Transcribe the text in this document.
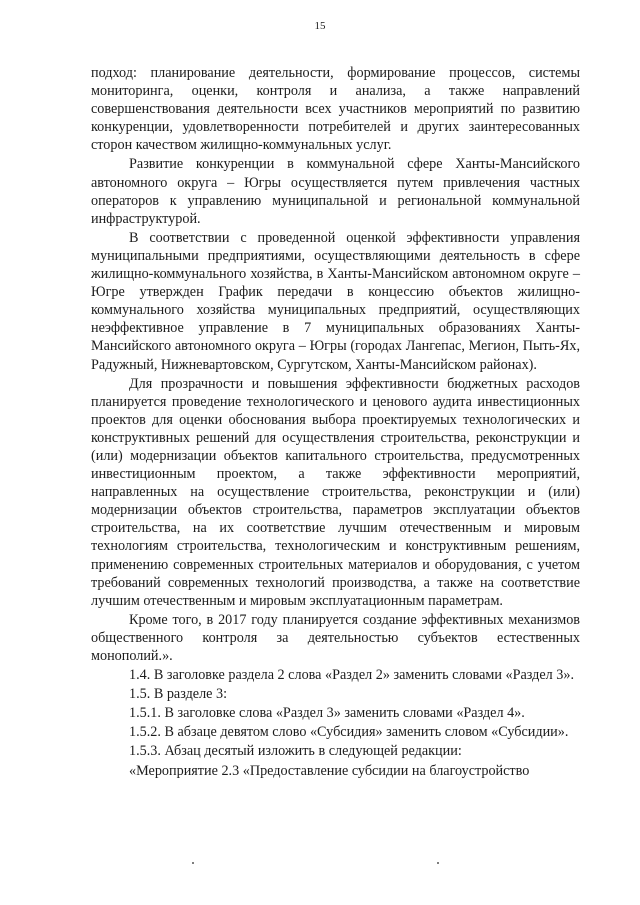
15

подход: планирование деятельности, формирование процессов, системы мониторинга, оценки, контроля и анализа, а также направлений совершенствования деятельности всех участников мероприятий по развитию конкуренции, удовлетворенности потребителей и других заинтересованных сторон качеством жилищно-коммунальных услуг.

Развитие конкуренции в коммунальной сфере Ханты-Мансийского автономного округа – Югры осуществляется путем привлечения частных операторов к управлению муниципальной и региональной коммунальной инфраструктурой.

В соответствии с проведенной оценкой эффективности управления муниципальными предприятиями, осуществляющими деятельность в сфере жилищно-коммунального хозяйства, в Ханты-Мансийском автономном округе – Югре утвержден График передачи в концессию объектов жилищно-коммунального хозяйства муниципальных предприятий, осуществляющих неэффективное управление в 7 муниципальных образованиях Ханты-Мансийского автономного округа – Югры (городах Лангепас, Мегион, Пыть-Ях, Радужный, Нижневартовском, Сургутском, Ханты-Мансийском районах).

Для прозрачности и повышения эффективности бюджетных расходов планируется проведение технологического и ценового аудита инвестиционных проектов для оценки обоснования выбора проектируемых технологических и конструктивных решений для осуществления строительства, реконструкции и (или) модернизации объектов капитального строительства, предусмотренных инвестиционным проектом, а также эффективности мероприятий, направленных на осуществление строительства, реконструкции и (или) модернизации объектов строительства, параметров эксплуатации объектов строительства, на их соответствие лучшим отечественным и мировым технологиям строительства, технологическим и конструктивным решениям, применению современных строительных материалов и оборудования, с учетом требований современных технологий производства, а также на соответствие лучшим отечественным и мировым эксплуатационным параметрам.

Кроме того, в 2017 году планируется создание эффективных механизмов общественного контроля за деятельностью субъектов естественных монополий.».

1.4. В заголовке раздела 2 слова «Раздел 2» заменить словами «Раздел 3».

1.5. В разделе 3:

1.5.1. В заголовке слова «Раздел 3» заменить словами «Раздел 4».

1.5.2. В абзаце девятом слово «Субсидия» заменить словом «Субсидии».

1.5.3. Абзац десятый изложить в следующей редакции:

«Мероприятие 2.3 «Предоставление субсидии на благоустройство
